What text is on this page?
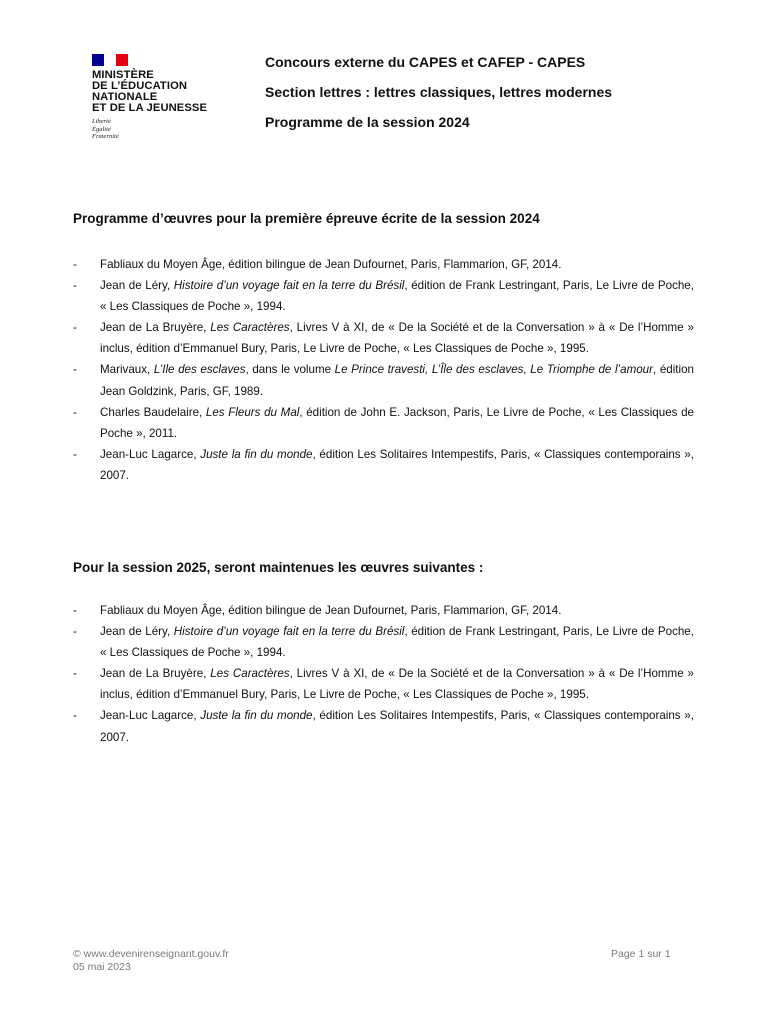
MINISTÈRE
DE L’ÉDUCATION
NATIONALE
ET DE LA JEUNESSE
Liberté
Égalité
Fraternité
Concours externe du CAPES et CAFEP - CAPES
Section lettres : lettres classiques, lettres modernes
Programme de la session 2024
Programme d’œuvres pour la première épreuve écrite de la session 2024
- Fabliaux du Moyen Âge, édition bilingue de Jean Dufournet, Paris, Flammarion, GF, 2014.
- Jean de Léry, Histoire d’un voyage fait en la terre du Brésil, édition de Frank Lestringant, Paris, Le Livre de Poche, « Les Classiques de Poche », 1994.
- Jean de La Bruyère, Les Caractères, Livres V à XI, de « De la Société et de la Conversation » à « De l’Homme » inclus, édition d’Emmanuel Bury, Paris, Le Livre de Poche, « Les Classiques de Poche », 1995.
- Marivaux, L’Ile des esclaves, dans le volume Le Prince travesti, L’Île des esclaves, Le Triomphe de l’amour, édition Jean Goldzink, Paris, GF, 1989.
- Charles Baudelaire, Les Fleurs du Mal, édition de John E. Jackson, Paris, Le Livre de Poche, « Les Classiques de Poche », 2011.
- Jean-Luc Lagarce, Juste la fin du monde, édition Les Solitaires Intempestifs, Paris, « Classiques contemporains », 2007.
Pour la session 2025, seront maintenues les œuvres suivantes :
- Fabliaux du Moyen Âge, édition bilingue de Jean Dufournet, Paris, Flammarion, GF, 2014.
- Jean de Léry, Histoire d’un voyage fait en la terre du Brésil, édition de Frank Lestringant, Paris, Le Livre de Poche, « Les Classiques de Poche », 1994.
- Jean de La Bruyère, Les Caractères, Livres V à XI, de « De la Société et de la Conversation » à « De l’Homme » inclus, édition d’Emmanuel Bury, Paris, Le Livre de Poche, « Les Classiques de Poche », 1995.
- Jean-Luc Lagarce, Juste la fin du monde, édition Les Solitaires Intempestifs, Paris, « Classiques contemporains », 2007.
© www.devenirenseignant.gouv.fr
05 mai 2023
Page 1 sur 1
